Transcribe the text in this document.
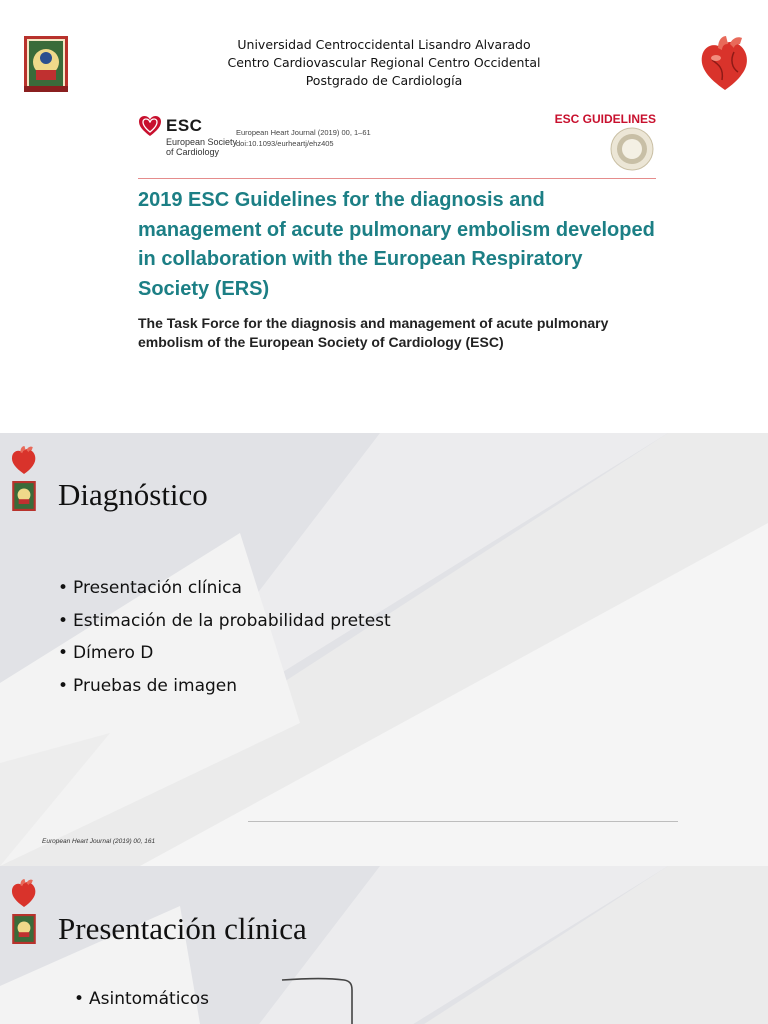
Universidad Centroccidental Lisandro Alvarado
Centro Cardiovascular Regional Centro Occidental
Postgrado de Cardiología
ESC
European Society
of Cardiology
European Heart Journal (2019) 00, 1–61
doi:10.1093/eurheartj/ehz405
ESC GUIDELINES
2019 ESC Guidelines for the diagnosis and management of acute pulmonary embolism developed in collaboration with the European Respiratory Society (ERS)
The Task Force for the diagnosis and management of acute pulmonary embolism of the European Society of Cardiology (ESC)
Diagnóstico
• Presentación clínica
• Estimación de la probabilidad pretest
• Dímero D
• Pruebas de imagen
European Heart Journal (2019) 00, 161
Presentación clínica
• Asintomáticos
